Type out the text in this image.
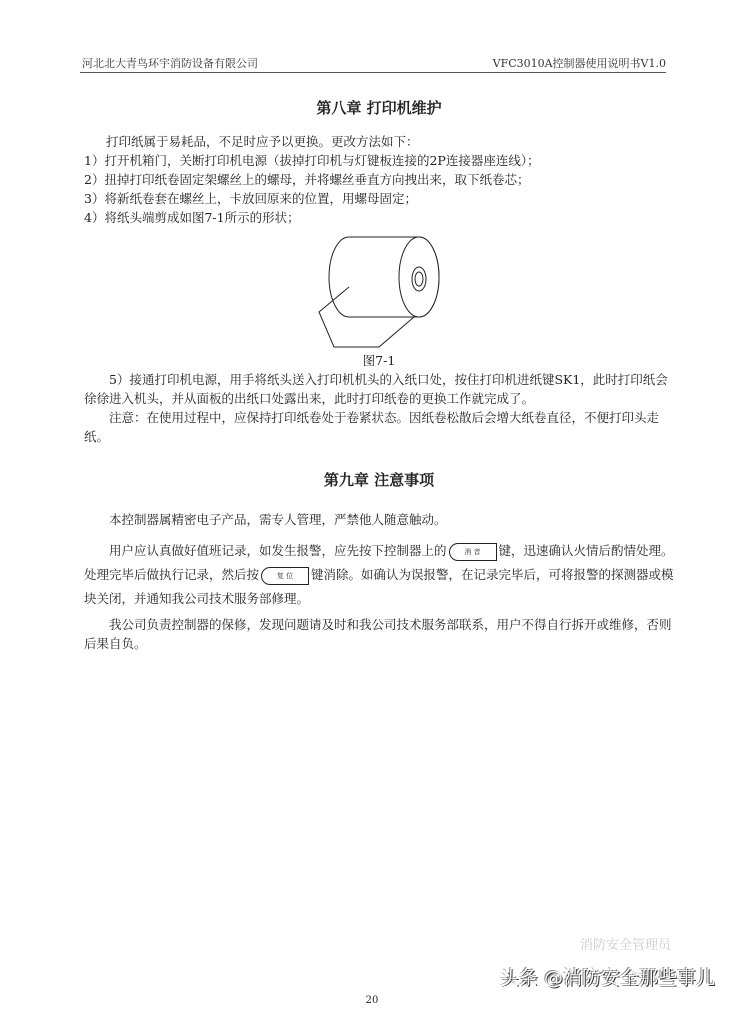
河北北大青鸟环宇消防设备有限公司	VFC3010A控制器使用说明书V1.0
第八章 打印机维护

打印纸属于易耗品，不足时应予以更换。更改方法如下：

1）打开机箱门，关断打印机电源（拔掉打印机与灯键板连接的2P连接器座连线）；

2）扭掉打印纸卷固定架螺丝上的螺母，并将螺丝垂直方向拽出来，取下纸卷芯；

3）将新纸卷套在螺丝上，卡放回原来的位置，用螺母固定；

4）将纸头端剪成如图7-1所示的形状；

图7-1

5）接通打印机电源，用手将纸头送入打印机机头的入纸口处，按住打印机进纸键SK1，此时打印纸会徐徐进入机头，并从面板的出纸口处露出来，此时打印纸卷的更换工作就完成了。

注意：在使用过程中，应保持打印纸卷处于卷紧状态。因纸卷松散后会增大纸卷直径，不便打印头走纸。

第九章 注意事项

本控制器属精密电子产品，需专人管理，严禁他人随意触动。

用户应认真做好值班记录，如发生报警，应先按下控制器上的	消 音 键，迅速确认火情后酌情处理。处理完毕后做执行记录，然后按	复 位 键消除。如确认为误报警，在记录完毕后，可将报警的探测器或模块关闭，并通知我公司技术服务部修理。

我公司负责控制器的保修，发现问题请及时和我公司技术服务部联系，用户不得自行拆开或维修，否则后果自负。

消防安全管理员
头条 @消防安全那些事儿
20
